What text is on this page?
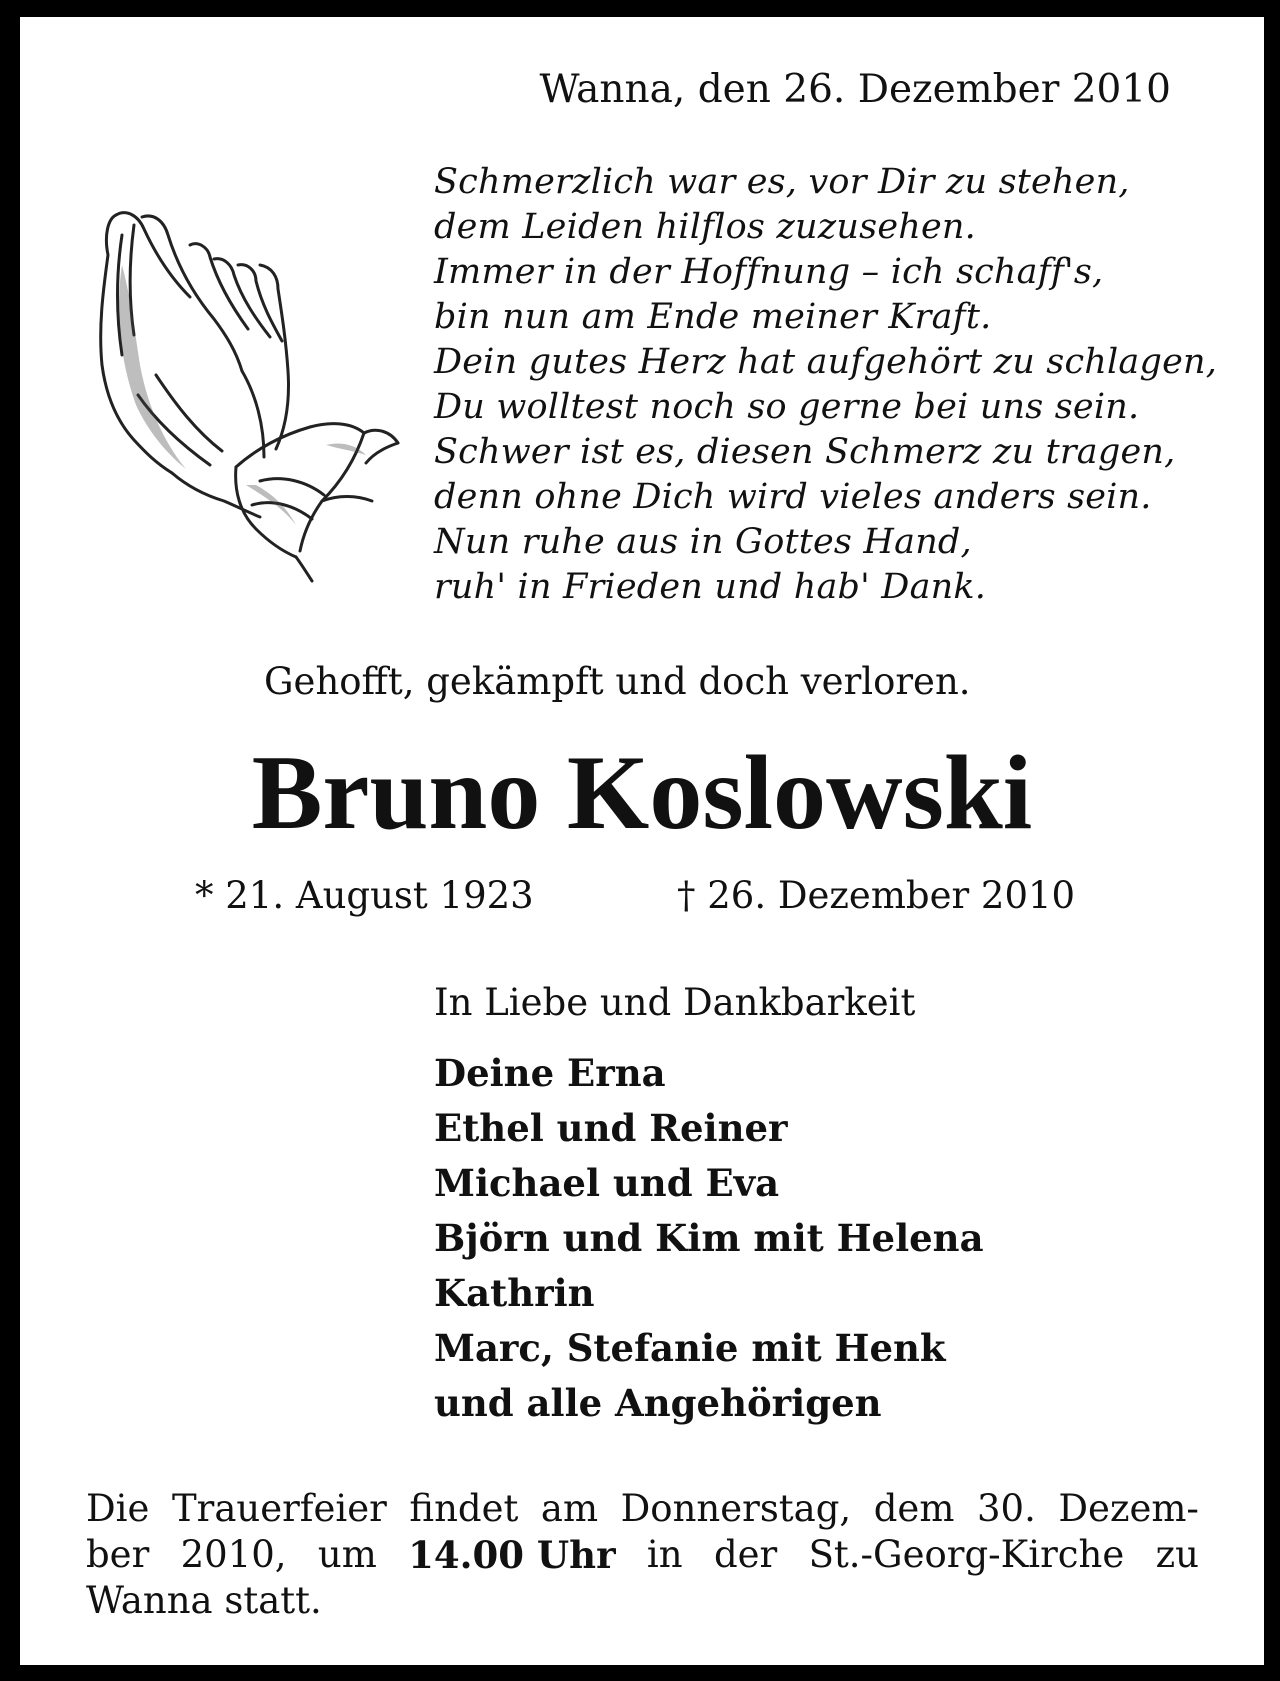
Wanna, den 26. Dezember 2010

Schmerzlich war es, vor Dir zu stehen,
dem Leiden hilflos zuzusehen.
Immer in der Hoffnung – ich schaff's,
bin nun am Ende meiner Kraft.
Dein gutes Herz hat aufgehört zu schlagen,
Du wolltest noch so gerne bei uns sein.
Schwer ist es, diesen Schmerz zu tragen,
denn ohne Dich wird vieles anders sein.
Nun ruhe aus in Gottes Hand,
ruh' in Frieden und hab' Dank.

Gehofft, gekämpft und doch verloren.

Bruno Koslowski

* 21. August 1923	† 26. Dezember 2010

In Liebe und Dankbarkeit

Deine Erna
Ethel und Reiner
Michael und Eva
Björn und Kim mit Helena
Kathrin
Marc, Stefanie mit Henk
und alle Angehörigen
Die Trauerfeier findet am Donnerstag, dem 30. Dezem-
ber 2010, um 14.00 Uhr in der St.-Georg-Kirche zu
Wanna statt.
